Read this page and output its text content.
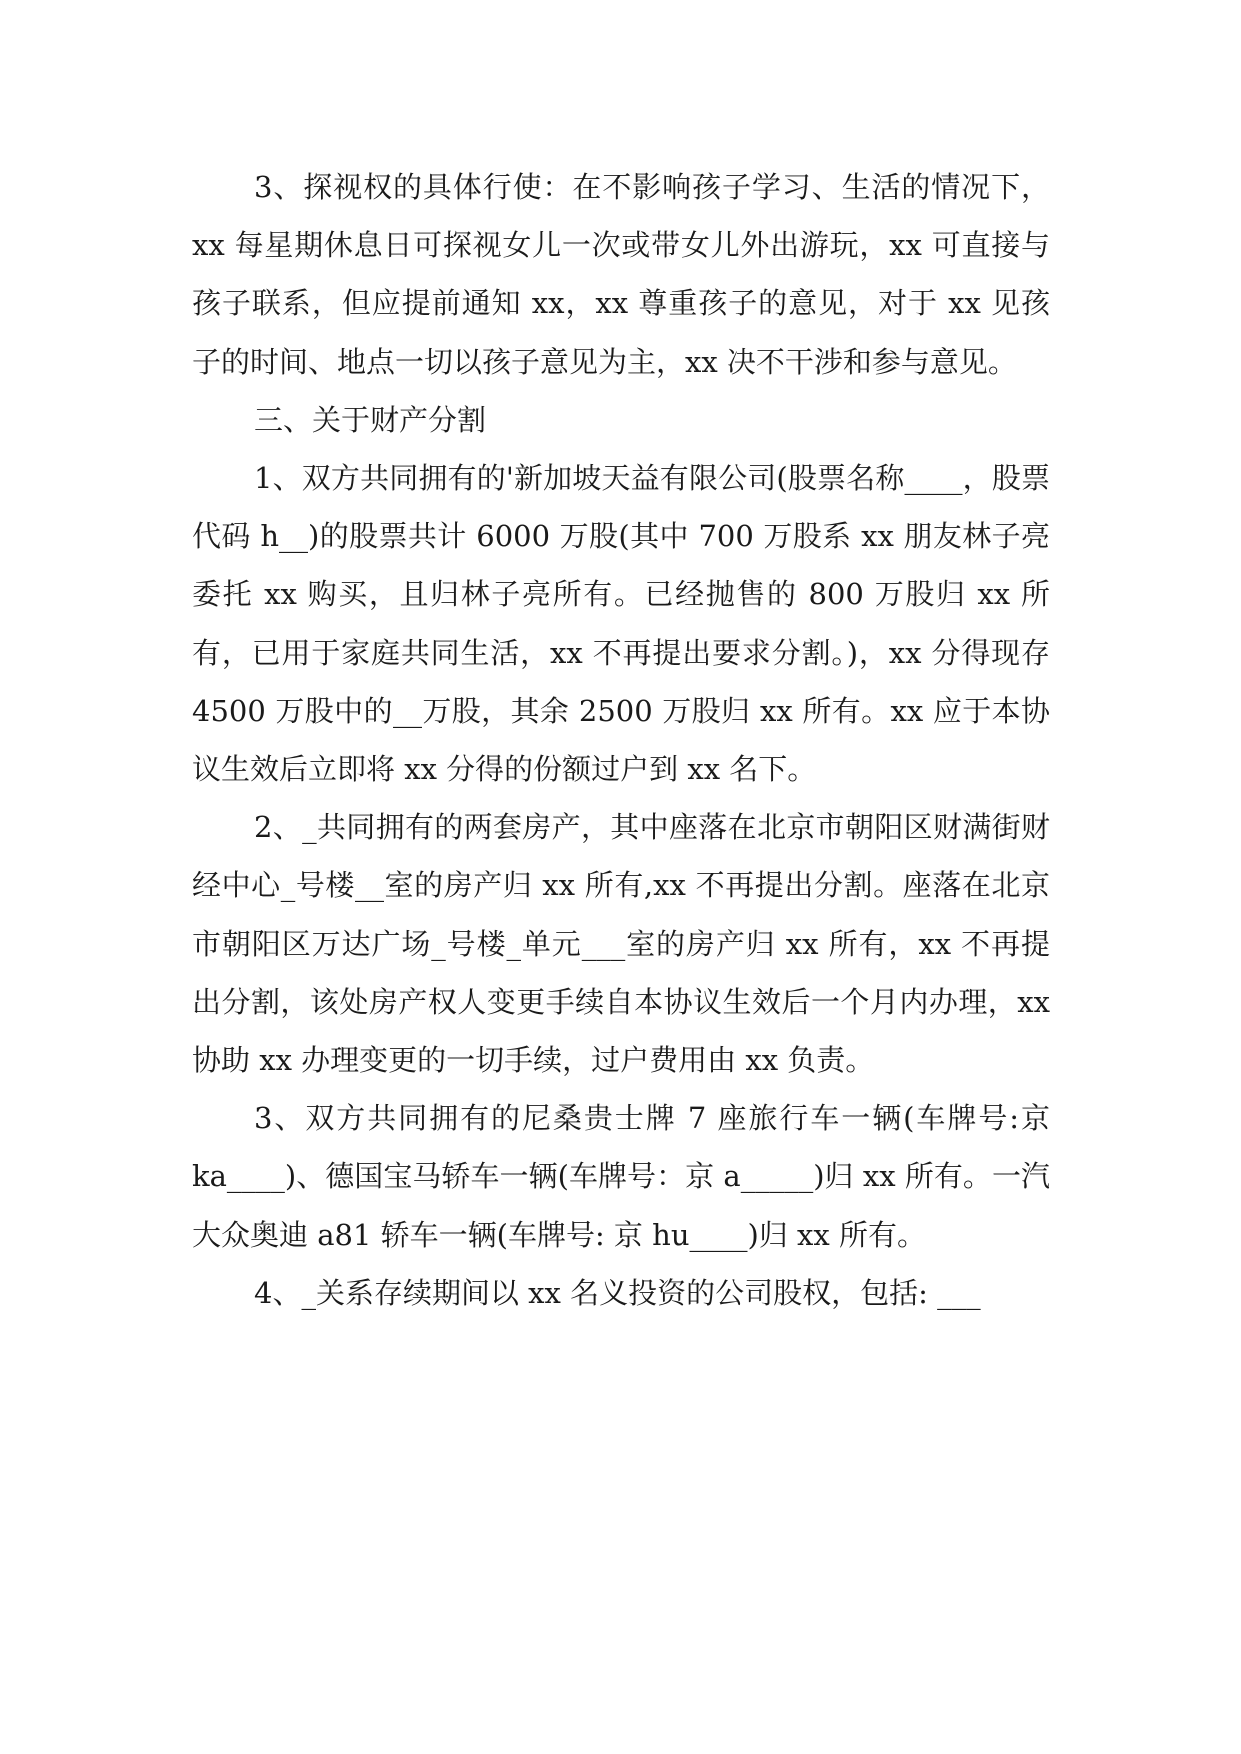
3、探视权的具体行使：在不影响孩子学习、生活的情况下，xx 每星期休息日可探视女儿一次或带女儿外出游玩，xx 可直接与孩子联系，但应提前通知 xx，xx 尊重孩子的意见，对于 xx 见孩子的时间、地点一切以孩子意见为主，xx 决不干涉和参与意见。

三、关于财产分割

1、双方共同拥有的'新加坡天益有限公司(股票名称____，股票代码 h__)的股票共计 6000 万股(其中 700 万股系 xx 朋友林子亮委托 xx 购买，且归林子亮所有。已经抛售的 800 万股归 xx 所有，已用于家庭共同生活，xx 不再提出要求分割。)，xx 分得现存 4500 万股中的__万股，其余 2500 万股归 xx 所有。xx 应于本协议生效后立即将 xx 分得的份额过户到 xx 名下。

2、_共同拥有的两套房产，其中座落在北京市朝阳区财满街财经中心_号楼__室的房产归 xx 所有,xx 不再提出分割。座落在北京市朝阳区万达广场_号楼_单元___室的房产归 xx 所有，xx 不再提出分割，该处房产权人变更手续自本协议生效后一个月内办理，xx 协助 xx 办理变更的一切手续，过户费用由 xx 负责。

3、双方共同拥有的尼桑贵士牌 7 座旅行车一辆(车牌号:京 ka____)、德国宝马轿车一辆(车牌号：京 a_____)归 xx 所有。一汽大众奥迪 a81 轿车一辆(车牌号: 京 hu____)归 xx 所有。

4、_关系存续期间以 xx 名义投资的公司股权，包括: ___
